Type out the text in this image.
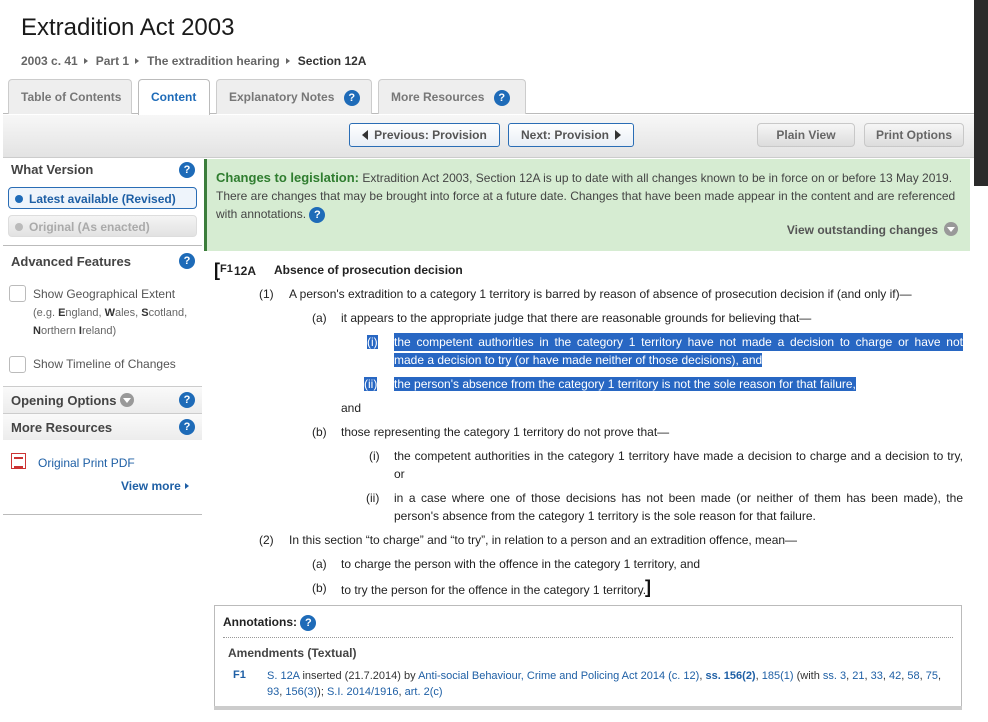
Extradition Act 2003
2003 c. 41 Part 1 The extradition hearing Section 12A
Table of Contents	Content	Explanatory Notes ?	More Resources ?
Previous: Provision	Next: Provision	Plain View	Print Options
What Version	?
Latest available (Revised)
Original (As enacted)
Advanced Features	?
Show Geographical Extent
(e.g. England, Wales, Scotland,
Northern Ireland)
Show Timeline of Changes
Opening Options	?
More Resources	?
Original Print PDF
View more
Changes to legislation: Extradition Act 2003, Section 12A is up to date with all changes known to be in force on or before 13 May 2019. There are changes that may be brought into force at a future date. Changes that have been made appear in the content and are referenced with annotations. ?
View outstanding changes
[ F1 12A Absence of prosecution decision
(1) A person's extradition to a category 1 territory is barred by reason of absence of prosecution decision if (and only if)—
(a) it appears to the appropriate judge that there are reasonable grounds for believing that—
(i) the competent authorities in the category 1 territory have not made a decision to charge or have not
made a decision to try (or have made neither of those decisions), and
(ii) the person's absence from the category 1 territory is not the sole reason for that failure,
and
(b) those representing the category 1 territory do not prove that—
(i) the competent authorities in the category 1 territory have made a decision to charge and a decision to try, or
(ii) in a case where one of those decisions has not been made (or neither of them has been made), the person's absence from the category 1 territory is the sole reason for that failure.
(2) In this section “to charge” and “to try”, in relation to a person and an extradition offence, mean—
(a) to charge the person with the offence in the category 1 territory, and
(b) to try the person for the offence in the category 1 territory.
]
Annotations: ?
Amendments (Textual)
F1 S. 12A inserted (21.7.2014) by Anti-social Behaviour, Crime and Policing Act 2014 (c. 12), ss. 156(2), 185(1) (with ss. 3, 21, 33, 42, 58, 75, 93, 156(3)); S.I. 2014/1916, art. 2(c)
